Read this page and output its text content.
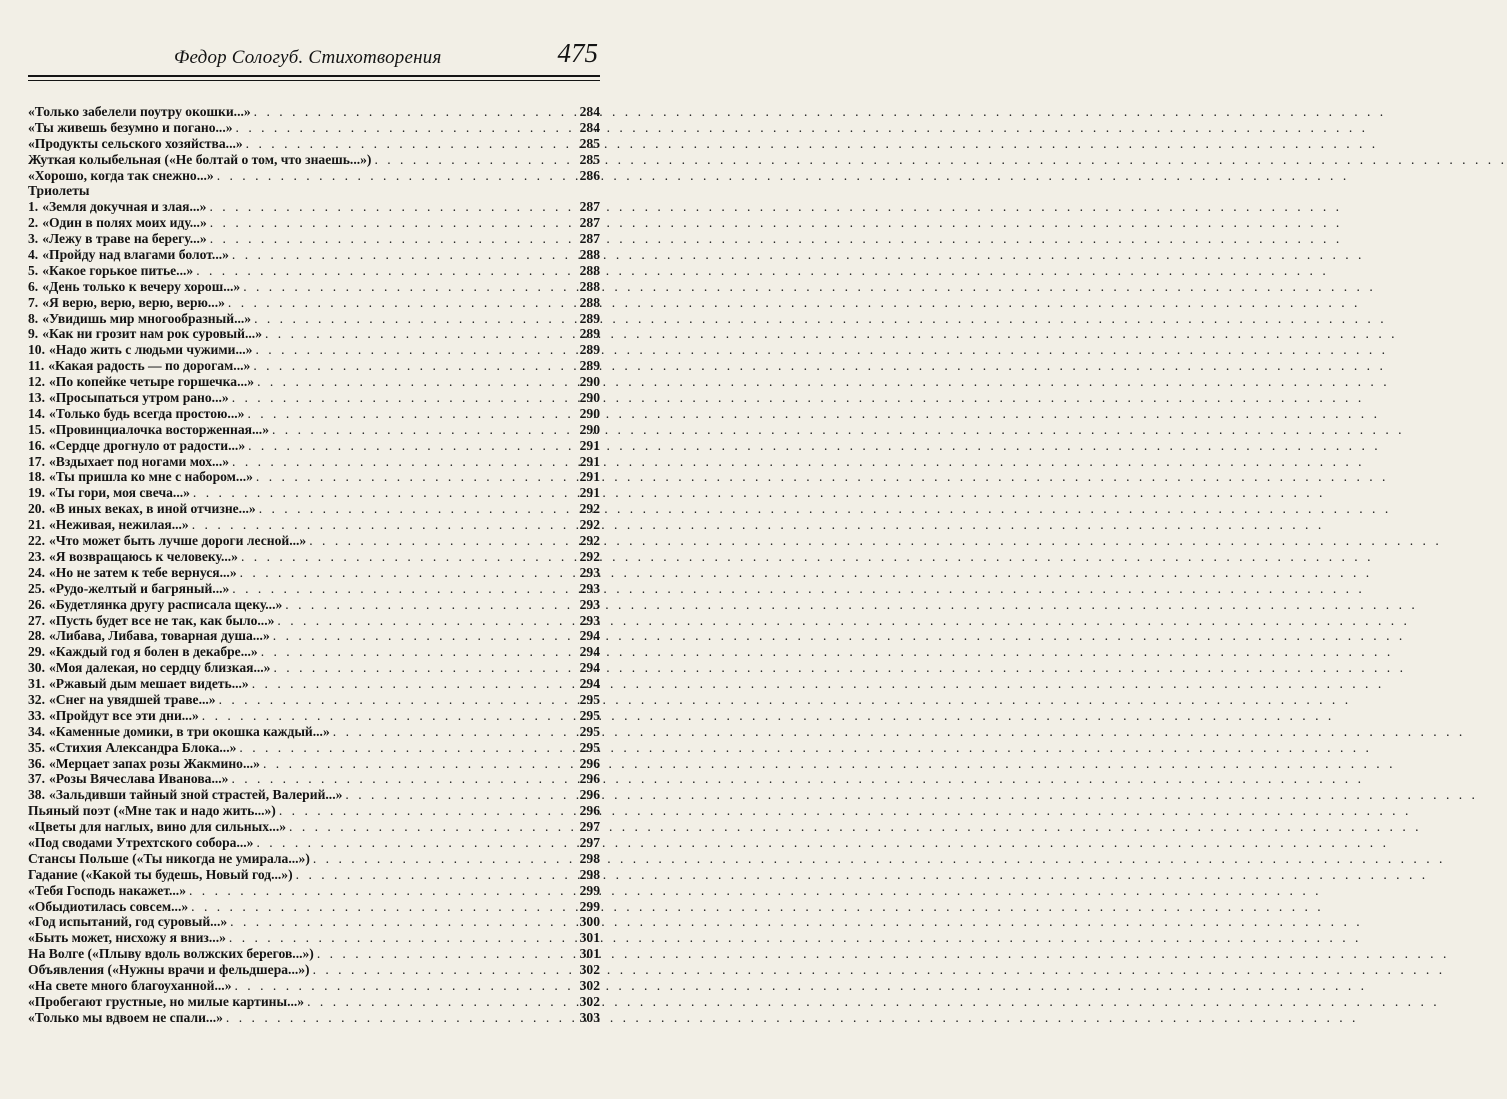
Федор Сологуб. Стихотворения	475
«Только забелели поутру окошки...» . . .	284
«Ты живешь безумно и погано...» . . .	284
«Продукты сельского хозяйства...» . . .	285
Жуткая колыбельная («Не болтай о том, что знаешь...») . . .	285
«Хорошо, когда так снежно...» . . .	286
Триолеты
1. «Земля докучная и злая...» . . .	287
2. «Один в полях моих иду...» . . .	287
3. «Лежу в траве на берегу...» . . .	287
4. «Пройду над влагами болот...» . . .	288
5. «Какое горькое питье...» . . .	288
6. «День только к вечеру хорош...» . . .	288
7. «Я верю, верю, верю, верю...» . . .	288
8. «Увидишь мир многообразный...» . . .	289
9. «Как ни грозит нам рок суровый...» . . .	289
10. «Надо жить с людьми чужими...» . . .	289
11. «Какая радость — по дорогам...» . . .	289
12. «По копейке четыре горшечка...» . . .	290
13. «Просыпаться утром рано...» . . .	290
14. «Только будь всегда простою...» . . .	290
15. «Провинциалочка восторженная...» . . .	290
16. «Сердце дрогнуло от радости...» . . .	291
17. «Вздыхает под ногами мох...» . . .	291
18. «Ты пришла ко мне с набором...» . . .	291
19. «Ты гори, моя свеча...» . . .	291
20. «В иных веках, в иной отчизне...» . . .	292
21. «Неживая, нежилая...» . . .	292
22. «Что может быть лучше дороги лесной...» . . .	292
23. «Я возвращаюсь к человеку...» . . .	292
24. «Но не затем к тебе вернуся...» . . .	293
25. «Рудо-желтый и багряный...» . . .	293
26. «Будетлянка другу расписала щеку...» . . .	293
27. «Пусть будет все не так, как было...» . . .	293
28. «Либава, Либава, товарная душа...» . . .	294
29. «Каждый год я болен в декабре...» . . .	294
30. «Моя далекая, но сердцу близкая...» . . .	294
31. «Ржавый дым мешает видеть...» . . .	294
32. «Снег на увядшей траве...» . . .	295
33. «Пройдут все эти дни...» . . .	295
34. «Каменные домики, в три окошка каждый...» . . .	295
35. «Стихия Александра Блока...» . . .	295
36. «Мерцает запах розы Жакмино...» . . .	296
37. «Розы Вячеслава Иванова...» . . .	296
38. «Зальдивши тайный зной страстей, Валерий...» . . .	296
Пьяный поэт («Мне так и надо жить...») . . .	296
«Цветы для наглых, вино для сильных...» . . .	297
«Под сводами Утрехтского собора...» . . .	297
Стансы Польше («Ты никогда не умирала...») . . .	298
Гадание («Какой ты будешь, Новый год...») . . .	298
«Тебя Господь накажет...» . . .	299
«Обыдиотилась совсем...» . . .	299
«Год испытаний, год суровый...» . . .	300
«Быть может, нисхожу я вниз...» . . .	301
На Волге («Плыву вдоль волжских берегов...») . . .	301
Объявления («Нужны врачи и фельдшера...») . . .	302
«На свете много благоуханной...» . . .	302
«Пробегают грустные, но милые картины...» . . .	302
«Только мы вдвоем не спали...» . . .	303
